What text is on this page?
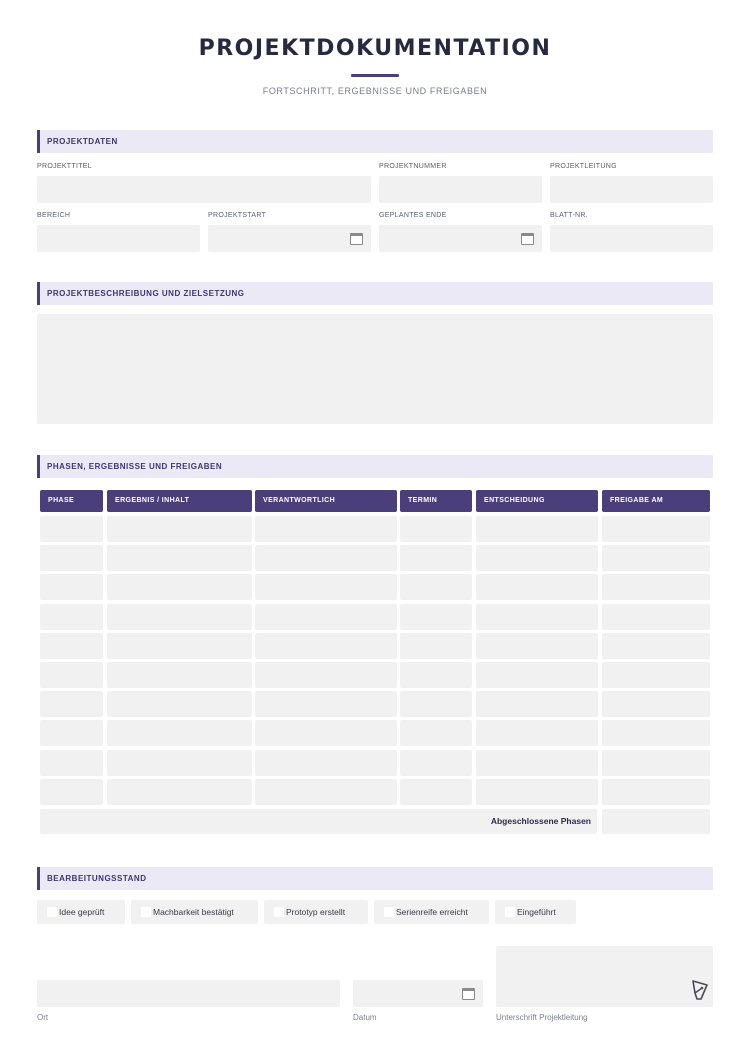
PROJEKTDOKUMENTATION
FORTSCHRITT, ERGEBNISSE UND FREIGABEN
PROJEKTDATEN
PROJEKTTITEL	PROJEKTNUMMER	PROJEKTLEITUNG
BEREICH	PROJEKTSTART	GEPLANTES ENDE	BLATT-NR.
PROJEKTBESCHREIBUNG UND ZIELSETZUNG
PHASEN, ERGEBNISSE UND FREIGABEN
PHASE	ERGEBNIS / INHALT	VERANTWORTLICH	TERMIN	ENTSCHEIDUNG	FREIGABE AM
Abgeschlossene Phasen
BEARBEITUNGSSTAND
Idee geprüft	Machbarkeit bestätigt	Prototyp erstellt	Serienreife erreicht	Eingeführt
Ort	Datum	Unterschrift Projektleitung
